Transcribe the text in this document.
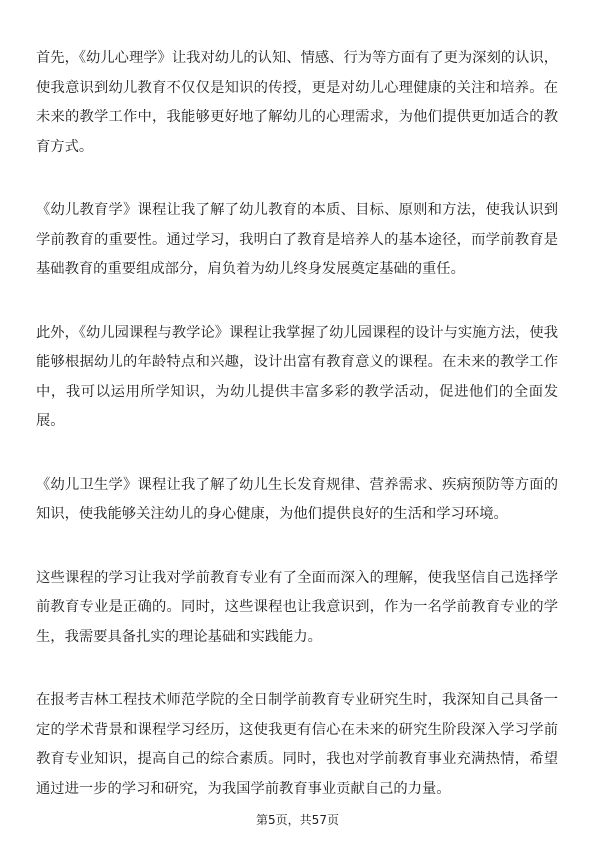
首先，《幼儿心理学》让我对幼儿的认知、情感、行为等方面有了更为深刻的认识，使我意识到幼儿教育不仅仅是知识的传授，更是对幼儿心理健康的关注和培养。在未来的教学工作中，我能够更好地了解幼儿的心理需求，为他们提供更加适合的教育方式。

《幼儿教育学》课程让我了解了幼儿教育的本质、目标、原则和方法，使我认识到学前教育的重要性。通过学习，我明白了教育是培养人的基本途径，而学前教育是基础教育的重要组成部分，肩负着为幼儿终身发展奠定基础的重任。

此外，《幼儿园课程与教学论》课程让我掌握了幼儿园课程的设计与实施方法，使我能够根据幼儿的年龄特点和兴趣，设计出富有教育意义的课程。在未来的教学工作中，我可以运用所学知识，为幼儿提供丰富多彩的教学活动，促进他们的全面发展。

《幼儿卫生学》课程让我了解了幼儿生长发育规律、营养需求、疾病预防等方面的知识，使我能够关注幼儿的身心健康，为他们提供良好的生活和学习环境。

这些课程的学习让我对学前教育专业有了全面而深入的理解，使我坚信自己选择学前教育专业是正确的。同时，这些课程也让我意识到，作为一名学前教育专业的学生，我需要具备扎实的理论基础和实践能力。

在报考吉林工程技术师范学院的全日制学前教育专业研究生时，我深知自己具备一定的学术背景和课程学习经历，这使我更有信心在未来的研究生阶段深入学习学前教育专业知识，提高自己的综合素质。同时，我也对学前教育事业充满热情，希望通过进一步的学习和研究，为我国学前教育事业贡献自己的力量。

第5页，共57页
